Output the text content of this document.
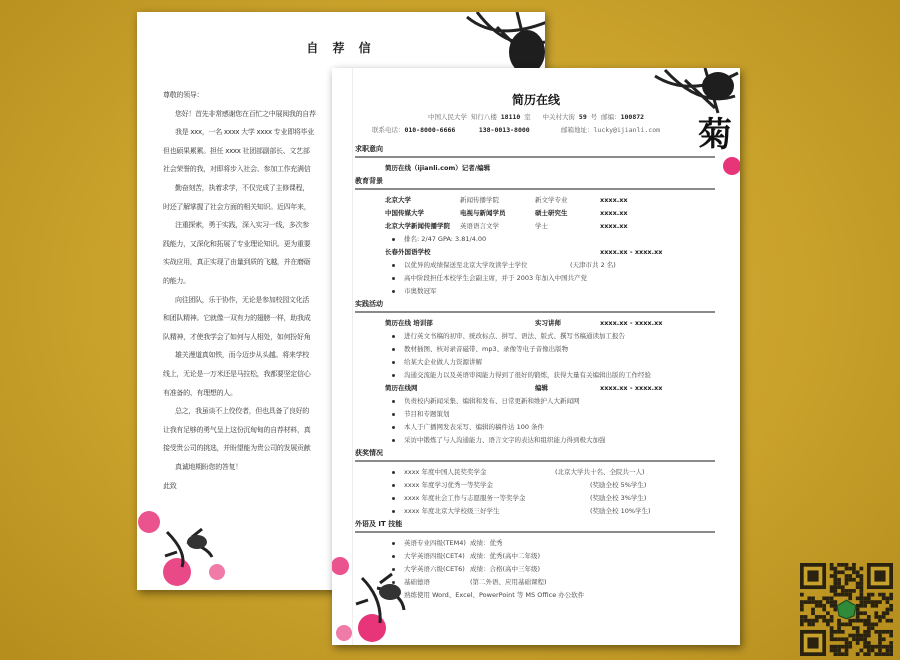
自 荐 信
尊敬的领导：
您好！首先非常感谢您在百忙之中展阅我的自荐
我是 xxx，一名 xxxx 大学 xxxx 专业即将毕业
但也硕果累累。担任 xxxx 社团部副部长、文艺部
社会荣誉的我，对即将步入社会、参加工作充满信
勤奋刻苦，执着求学，不仅完成了主修课程，
时还了解掌握了社会方面的相关知识。近四年来，
注重探索，勇于实践，深入实习一线，多次参
践能力，又深化和拓展了专业理论知识。更为重要
实战应用，真正实现了由量到质的飞越，并在磨砺
的能力。
向往团队，乐于协作，无论是参加校园文化活
和团队精神。它就像一双有力的翅膀一样，助我成
队精神，才使我学会了如何与人相处，如何扮好角
雄关漫道真如铁，而今迈步从头越。将来学校
线上，无论是一万米还是马拉松，我都要坚定信心
有准备的、有理想的人。
总之，我虽谈不上佼佼者，但也具备了良好的
让我有足够的勇气呈上这份沉甸甸的自荐材料，真
接受贵公司的挑选，并盼望能为贵公司的发展贡献
真诚地期盼您的答复！
此致
简历在线
中国人民大学 知行八楼 18110 室   中关村大街 59 号 邮编：100872
联系电话：010-8000-6666	138-0013-8000        邮箱地址：lucky@ijianli.com
求职意向
简历在线（ijianli.com）记者/编辑
教育背景
北京大学	新闻传播学院	新文学专业	xxxx.xx
中国传媒大学	电视与新闻学员	硕士研究生	xxxx.xx
北京大学新闻传播学院 英语语言文学	学士	xxxx.xx
排名: 2/47 GPA: 3.81/4.00
长春外国语学校	xxxx.xx - xxxx.xx
以优异的成绩保送至北京大学攻读学士学位	(天津市共 2 名)
高中阶段担任本校学生会副主席，并于 2003 年加入中国共产党
市奥数冠军
实践活动
简历在线 培训部	实习讲师	xxxx.xx - xxxx.xx
进行英文书稿的初审、统改标点、拼写、语法、版式、撰写书稿通读加工报告
教材插图、核对录音磁带、mp3、录像等电子音像出版物
给某大企业做人力资源讲解
沟通交流能力以及英语审阅能力得到了很好的锻炼，获得大量有关编辑出版的工作经验
简历在线网	编辑	xxxx.xx - xxxx.xx
负责校内新闻采集、编辑和发布、日常更新和维护人大新闻网
节目和专题策划
本人于广播网发表采写、编辑的稿件达 100 条件
采访中锻炼了与人沟通能力、语言文字的表达和组织能力得到极大加强
获奖情况
xxxx 年度中国人民奖奖学金	(北京大学共十名、全院共一人)
xxxx 年度学习优秀一等奖学金	(奖励全校 5%学生)
xxxx 年度社会工作与志愿服务一等奖学金	(奖励全校 3%学生)
xxxx 年度北京大学校级三好学生	(奖励全校 10%学生)
外语及 IT 技能
英语专业四级(TEM4) 成绩：优秀
大学英语四级(CET4) 成绩：优秀(高中二年级)
大学英语六级(CET6) 成绩：合格(高中三年级)
基础德语	(第二外语、应用基础课程)
熟练使用 Word、Excel、PowerPoint 等 MS Office 办公软件
菊
